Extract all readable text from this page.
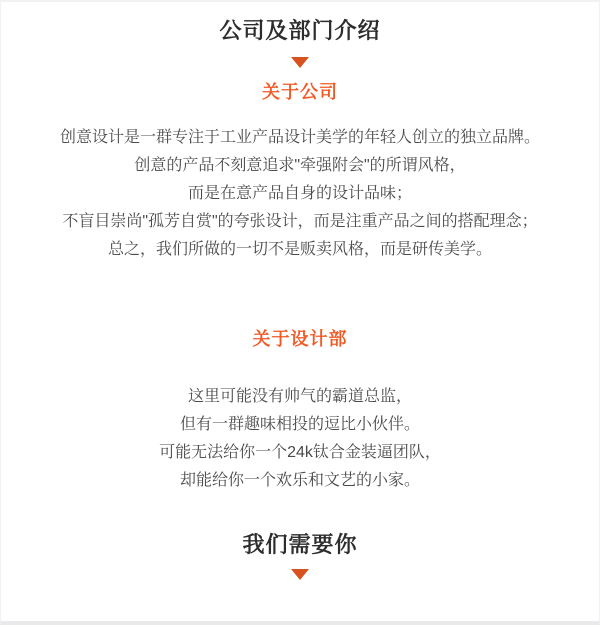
公司及部门介绍
关于公司

创意设计是一群专注于工业产品设计美学的年轻人创立的独立品牌。

创意的产品不刻意追求"牵强附会"的所谓风格，

而是在意产品自身的设计品味；

不盲目崇尚"孤芳自赏"的夸张设计，而是注重产品之间的搭配理念；

总之，我们所做的一切不是贩卖风格，而是研传美学。

关于设计部

这里可能没有帅气的霸道总监，

但有一群趣味相投的逗比小伙伴。

可能无法给你一个24k钛合金装逼团队，

却能给你一个欢乐和文艺的小家。

我们需要你
